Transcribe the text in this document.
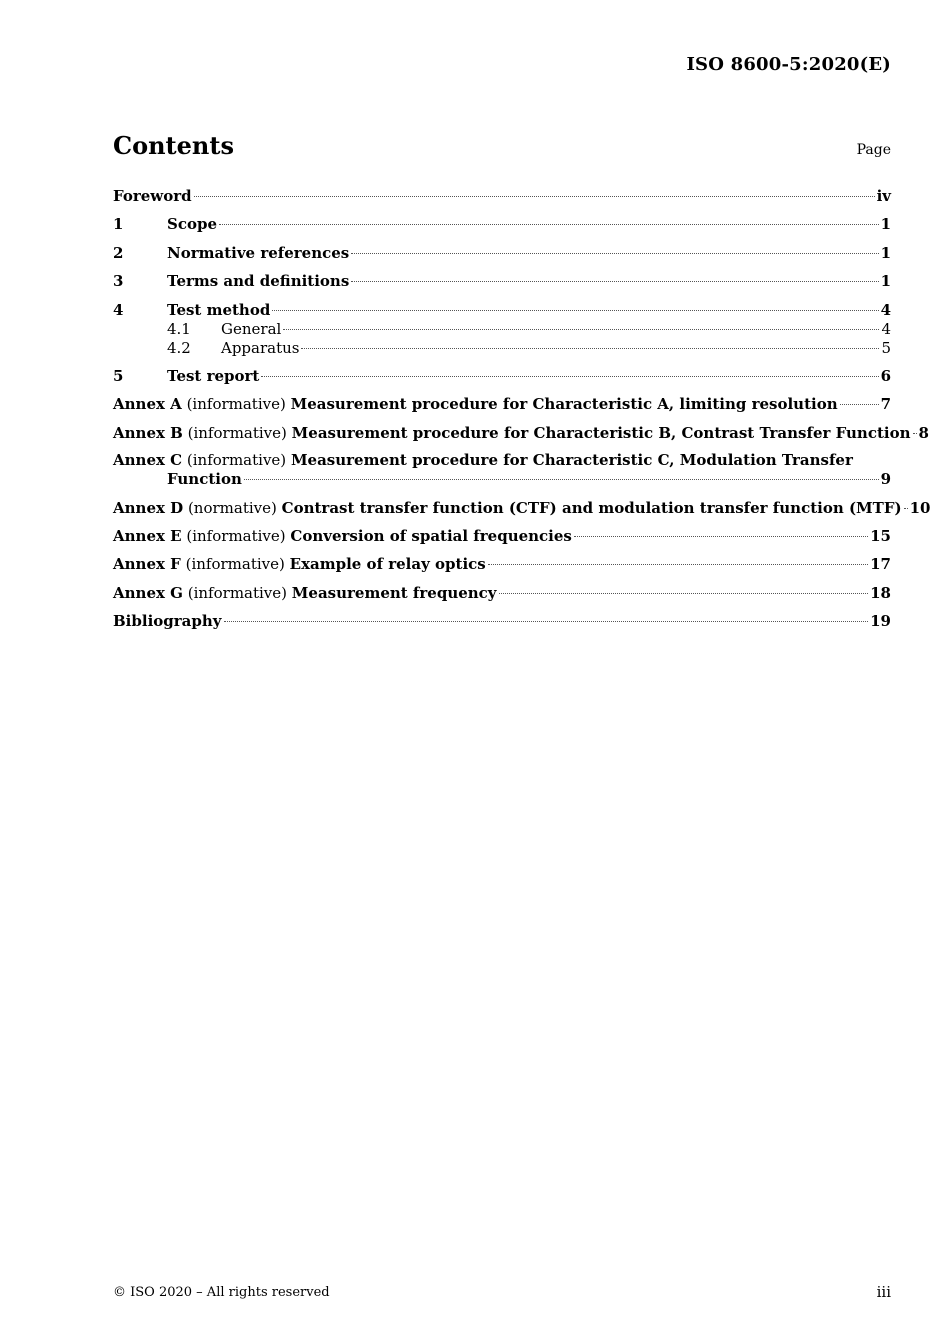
ISO 8600-5:2020(E)
Contents	Page
Foreword	iv
1	Scope	1
2	Normative references	1
3	Terms and definitions	1
4	Test method	4
4.1	General	4
4.2	Apparatus	5
5	Test report	6
Annex A (informative) Measurement procedure for Characteristic A, limiting resolution	7
Annex B (informative) Measurement procedure for Characteristic B, Contrast Transfer Function 8
Annex C (informative) Measurement procedure for Characteristic C, Modulation Transfer
Function	9
Annex D (normative) Contrast transfer function (CTF) and modulation transfer function (MTF) 10
Annex E (informative) Conversion of spatial frequencies	15
Annex F (informative) Example of relay optics	17
Annex G (informative) Measurement frequency	18
Bibliography	19
© ISO 2020 – All rights reserved	iii
